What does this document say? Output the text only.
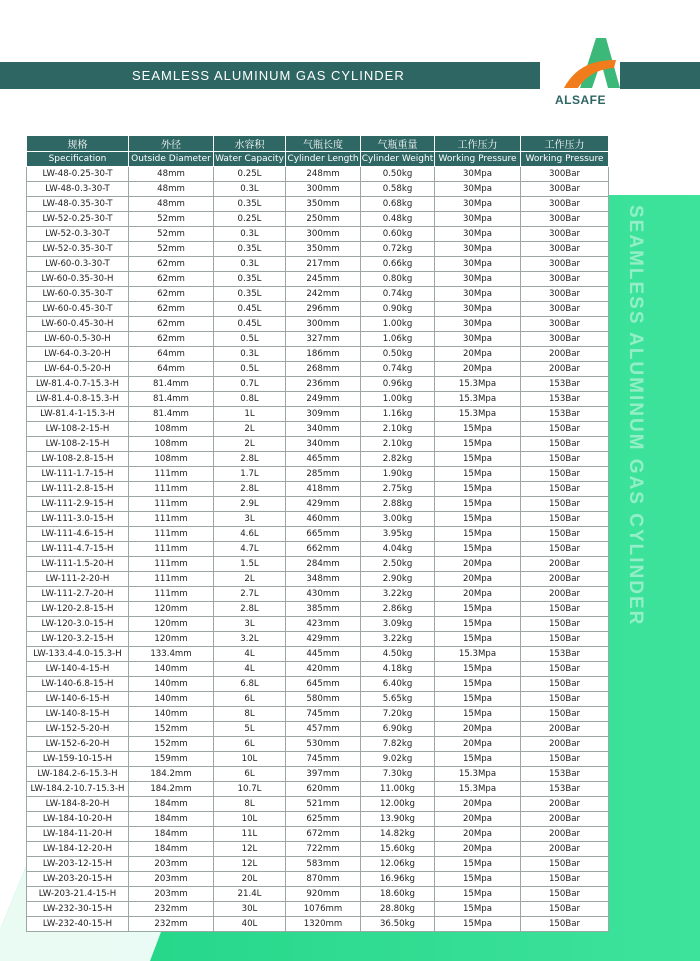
SEAMLESS ALUMINUM GAS CYLINDER
ALSAFE
SEAMLESS ALUMINUM GAS CYLINDER
规格	外径	水容积	气瓶长度	气瓶重量	工作压力	工作压力
Specification	Outside Diameter	Water Capacity	Cylinder Length	Cylinder Weight	Working Pressure	Working Pressure
LW-48-0.25-30-T	48mm	0.25L	248mm	0.50kg	30Mpa	300Bar
LW-48-0.3-30-T	48mm	0.3L	300mm	0.58kg	30Mpa	300Bar
LW-48-0.35-30-T	48mm	0.35L	350mm	0.68kg	30Mpa	300Bar
LW-52-0.25-30-T	52mm	0.25L	250mm	0.48kg	30Mpa	300Bar
LW-52-0.3-30-T	52mm	0.3L	300mm	0.60kg	30Mpa	300Bar
LW-52-0.35-30-T	52mm	0.35L	350mm	0.72kg	30Mpa	300Bar
LW-60-0.3-30-T	62mm	0.3L	217mm	0.66kg	30Mpa	300Bar
LW-60-0.35-30-H	62mm	0.35L	245mm	0.80kg	30Mpa	300Bar
LW-60-0.35-30-T	62mm	0.35L	242mm	0.74kg	30Mpa	300Bar
LW-60-0.45-30-T	62mm	0.45L	296mm	0.90kg	30Mpa	300Bar
LW-60-0.45-30-H	62mm	0.45L	300mm	1.00kg	30Mpa	300Bar
LW-60-0.5-30-H	62mm	0.5L	327mm	1.06kg	30Mpa	300Bar
LW-64-0.3-20-H	64mm	0.3L	186mm	0.50kg	20Mpa	200Bar
LW-64-0.5-20-H	64mm	0.5L	268mm	0.74kg	20Mpa	200Bar
LW-81.4-0.7-15.3-H	81.4mm	0.7L	236mm	0.96kg	15.3Mpa	153Bar
LW-81.4-0.8-15.3-H	81.4mm	0.8L	249mm	1.00kg	15.3Mpa	153Bar
LW-81.4-1-15.3-H	81.4mm	1L	309mm	1.16kg	15.3Mpa	153Bar
LW-108-2-15-H	108mm	2L	340mm	2.10kg	15Mpa	150Bar
LW-108-2-15-H	108mm	2L	340mm	2.10kg	15Mpa	150Bar
LW-108-2.8-15-H	108mm	2.8L	465mm	2.82kg	15Mpa	150Bar
LW-111-1.7-15-H	111mm	1.7L	285mm	1.90kg	15Mpa	150Bar
LW-111-2.8-15-H	111mm	2.8L	418mm	2.75kg	15Mpa	150Bar
LW-111-2.9-15-H	111mm	2.9L	429mm	2.88kg	15Mpa	150Bar
LW-111-3.0-15-H	111mm	3L	460mm	3.00kg	15Mpa	150Bar
LW-111-4.6-15-H	111mm	4.6L	665mm	3.95kg	15Mpa	150Bar
LW-111-4.7-15-H	111mm	4.7L	662mm	4.04kg	15Mpa	150Bar
LW-111-1.5-20-H	111mm	1.5L	284mm	2.50kg	20Mpa	200Bar
LW-111-2-20-H	111mm	2L	348mm	2.90kg	20Mpa	200Bar
LW-111-2.7-20-H	111mm	2.7L	430mm	3.22kg	20Mpa	200Bar
LW-120-2.8-15-H	120mm	2.8L	385mm	2.86kg	15Mpa	150Bar
LW-120-3.0-15-H	120mm	3L	423mm	3.09kg	15Mpa	150Bar
LW-120-3.2-15-H	120mm	3.2L	429mm	3.22kg	15Mpa	150Bar
LW-133.4-4.0-15.3-H	133.4mm	4L	445mm	4.50kg	15.3Mpa	153Bar
LW-140-4-15-H	140mm	4L	420mm	4.18kg	15Mpa	150Bar
LW-140-6.8-15-H	140mm	6.8L	645mm	6.40kg	15Mpa	150Bar
LW-140-6-15-H	140mm	6L	580mm	5.65kg	15Mpa	150Bar
LW-140-8-15-H	140mm	8L	745mm	7.20kg	15Mpa	150Bar
LW-152-5-20-H	152mm	5L	457mm	6.90kg	20Mpa	200Bar
LW-152-6-20-H	152mm	6L	530mm	7.82kg	20Mpa	200Bar
LW-159-10-15-H	159mm	10L	745mm	9.02kg	15Mpa	150Bar
LW-184.2-6-15.3-H	184.2mm	6L	397mm	7.30kg	15.3Mpa	153Bar
LW-184.2-10.7-15.3-H	184.2mm	10.7L	620mm	11.00kg	15.3Mpa	153Bar
LW-184-8-20-H	184mm	8L	521mm	12.00kg	20Mpa	200Bar
LW-184-10-20-H	184mm	10L	625mm	13.90kg	20Mpa	200Bar
LW-184-11-20-H	184mm	11L	672mm	14.82kg	20Mpa	200Bar
LW-184-12-20-H	184mm	12L	722mm	15.60kg	20Mpa	200Bar
LW-203-12-15-H	203mm	12L	583mm	12.06kg	15Mpa	150Bar
LW-203-20-15-H	203mm	20L	870mm	16.96kg	15Mpa	150Bar
LW-203-21.4-15-H	203mm	21.4L	920mm	18.60kg	15Mpa	150Bar
LW-232-30-15-H	232mm	30L	1076mm	28.80kg	15Mpa	150Bar
LW-232-40-15-H	232mm	40L	1320mm	36.50kg	15Mpa	150Bar
